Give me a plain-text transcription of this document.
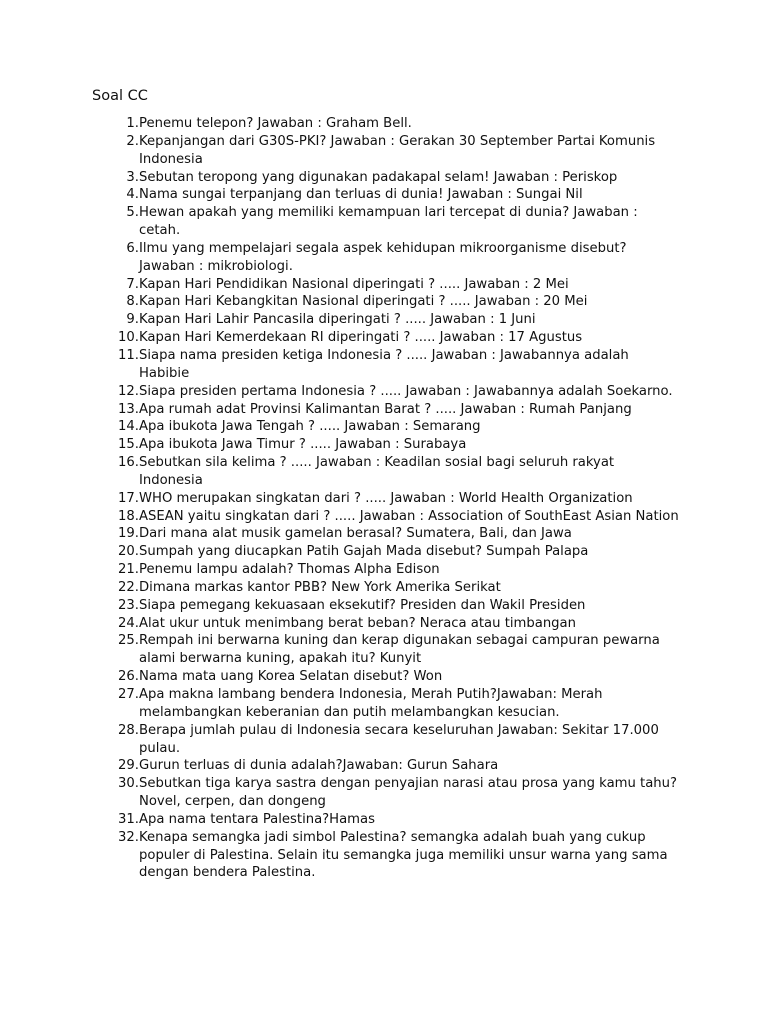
Soal CC
1. Penemu telepon? Jawaban : Graham Bell.
2. Kepanjangan dari G30S-PKI? Jawaban : Gerakan 30 September Partai Komunis Indonesia
3. Sebutan teropong yang digunakan padakapal selam! Jawaban : Periskop
4. Nama sungai terpanjang dan terluas di dunia! Jawaban : Sungai Nil
5. Hewan apakah yang memiliki kemampuan lari tercepat di dunia? Jawaban : cetah.
6. Ilmu yang mempelajari segala aspek kehidupan mikroorganisme disebut? Jawaban : mikrobiologi.
7. Kapan Hari Pendidikan Nasional diperingati ? ..... Jawaban : 2 Mei
8. Kapan Hari Kebangkitan Nasional diperingati ? ..... Jawaban : 20 Mei
9. Kapan Hari Lahir Pancasila diperingati ? ..... Jawaban : 1 Juni
10. Kapan Hari Kemerdekaan RI diperingati ? ..... Jawaban : 17 Agustus
11. Siapa nama presiden ketiga Indonesia ? ..... Jawaban : Jawabannya adalah Habibie
12. Siapa presiden pertama Indonesia ? ..... Jawaban : Jawabannya adalah Soekarno.
13. Apa rumah adat Provinsi Kalimantan Barat ? ..... Jawaban : Rumah Panjang
14. Apa ibukota Jawa Tengah ? ..... Jawaban : Semarang
15. Apa ibukota Jawa Timur ? ..... Jawaban : Surabaya
16. Sebutkan sila kelima ? ..... Jawaban : Keadilan sosial bagi seluruh rakyat Indonesia
17. WHO merupakan singkatan dari ? ..... Jawaban : World Health Organization
18. ASEAN yaitu singkatan dari ? ..... Jawaban : Association of SouthEast Asian Nation
19. Dari mana alat musik gamelan berasal? Sumatera, Bali, dan Jawa
20. Sumpah yang diucapkan Patih Gajah Mada disebut? Sumpah Palapa
21. Penemu lampu adalah? Thomas Alpha Edison
22. Dimana markas kantor PBB? New York Amerika Serikat
23. Siapa pemegang kekuasaan eksekutif? Presiden dan Wakil Presiden
24. Alat ukur untuk menimbang berat beban? Neraca atau timbangan
25. Rempah ini berwarna kuning dan kerap digunakan sebagai campuran pewarna alami berwarna kuning, apakah itu? Kunyit
26. Nama mata uang Korea Selatan disebut? Won
27. Apa makna lambang bendera Indonesia, Merah Putih?Jawaban: Merah melambangkan keberanian dan putih melambangkan kesucian.
28. Berapa jumlah pulau di Indonesia secara keseluruhan Jawaban: Sekitar 17.000 pulau.
29. Gurun terluas di dunia adalah?Jawaban: Gurun Sahara
30. Sebutkan tiga karya sastra dengan penyajian narasi atau prosa yang kamu tahu? Novel, cerpen, dan dongeng
31. Apa nama tentara Palestina?Hamas
32. Kenapa semangka jadi simbol Palestina? semangka adalah buah yang cukup populer di Palestina. Selain itu semangka juga memiliki unsur warna yang sama dengan bendera Palestina.
